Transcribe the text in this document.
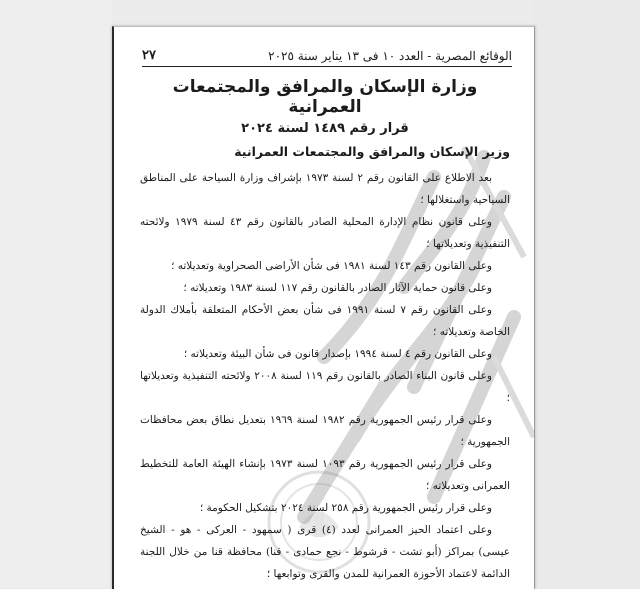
الوقائع المصرية - العدد ١٠ فى ١٣ يناير سنة ٢٠٢٥
٢٧

وزارة الإسكان والمرافق والمجتمعات العمرانية

قرار رقم ١٤٨٩ لسنة ٢٠٢٤

وزير الإسكان والمرافق والمجتمعات العمرانية

بعد الاطلاع على القانون رقم ٢ لسنة ١٩٧٣ بإشراف وزارة السياحة على المناطق السياحية واستغلالها ؛

وعلى قانون نظام الإدارة المحلية الصادر بالقانون رقم ٤٣ لسنة ١٩٧٩ ولائحته التنفيذية وتعديلاتها ؛

وعلى القانون رقم ١٤٣ لسنة ١٩٨١ فى شأن الأراضى الصحراوية وتعديلاته ؛

وعلى قانون حماية الآثار الصادر بالقانون رقم ١١٧ لسنة ١٩٨٣ وتعديلاته ؛

وعلى القانون رقم ٧ لسنة ١٩٩١ فى شأن بعض الأحكام المتعلقة بأملاك الدولة الخاصة وتعديلاته ؛

وعلى القانون رقم ٤ لسنة ١٩٩٤ بإصدار قانون فى شأن البيئة وتعديلاته ؛

وعلى قانون البناء الصادر بالقانون رقم ١١٩ لسنة ٢٠٠٨ ولائحته التنفيذية وتعديلاتها ؛

وعلى قرار رئيس الجمهورية رقم ١٩٨٢ لسنة ١٩٦٩ بتعديل نطاق بعض محافظات الجمهورية ؛

وعلى قرار رئيس الجمهورية رقم ١٠٩٣ لسنة ١٩٧٣ بإنشاء الهيئة العامة للتخطيط العمرانى وتعديلاته ؛

وعلى قرار رئيس الجمهورية رقم ٢٥٨ لسنة ٢٠٢٤ بتشكيل الحكومة ؛

وعلى اعتماد الحيز العمرانى لعدد (٤) قرى ( سمهود - العركى - هو - الشيخ عيسى) بمراكز (أبو تشت - قرشوط - نجع حمادى - قنا) محافظة قنا من خلال اللجنة الدائمة لاعتماد الأحوزة العمرانية للمدن والقرى وتوابعها ؛
